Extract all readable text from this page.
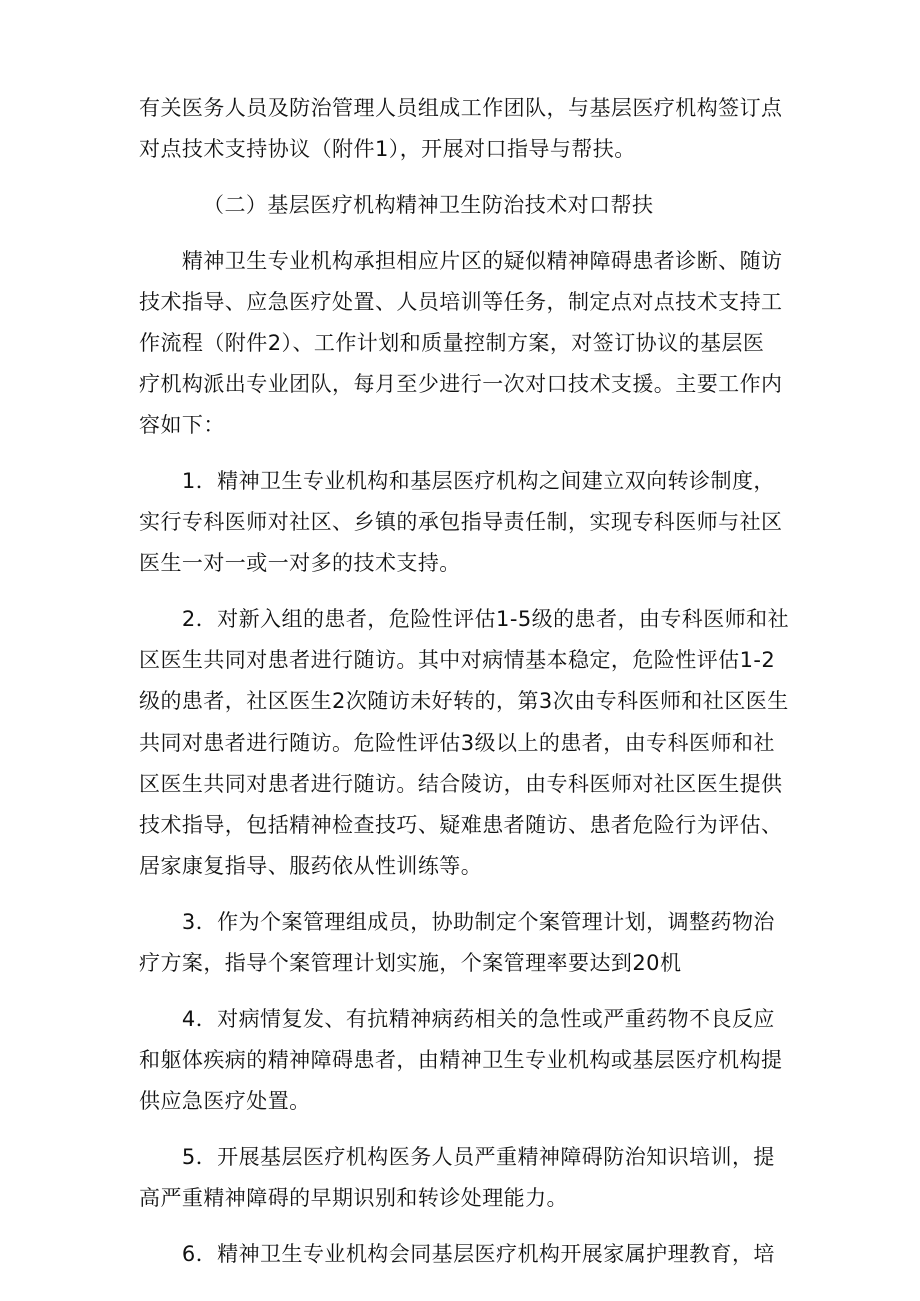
有关医务人员及防治管理人员组成工作团队，与基层医疗机构签订点
对点技术支持协议（附件1），开展对口指导与帮扶。
（二）基层医疗机构精神卫生防治技术对口帮扶
　　精神卫生专业机构承担相应片区的疑似精神障碍患者诊断、随访
技术指导、应急医疗处置、人员培训等任务，制定点对点技术支持工
作流程（附件2）、工作计划和质量控制方案，对签订协议的基层医
疗机构派出专业团队，每月至少进行一次对口技术支援。主要工作内
容如下：
　　1．精神卫生专业机构和基层医疗机构之间建立双向转诊制度，
实行专科医师对社区、乡镇的承包指导责任制，实现专科医师与社区
医生一对一或一对多的技术支持。
　　2．对新入组的患者，危险性评估1-5级的患者，由专科医师和社
区医生共同对患者进行随访。其中对病情基本稳定，危险性评估1-2
级的患者，社区医生2次随访未好转的，第3次由专科医师和社区医生
共同对患者进行随访。危险性评估3级以上的患者，由专科医师和社
区医生共同对患者进行随访。结合陵访，由专科医师对社区医生提供
技术指导，包括精神检查技巧、疑难患者随访、患者危险行为评估、
居家康复指导、服药依从性训练等。
　　3．作为个案管理组成员，协助制定个案管理计划，调整药物治
疗方案，指导个案管理计划实施，个案管理率要达到20机
　　4．对病情复发、有抗精神病药相关的急性或严重药物不良反应
和躯体疾病的精神障碍患者，由精神卫生专业机构或基层医疗机构提
供应急医疗处置。
　　5．开展基层医疗机构医务人员严重精神障碍防治知识培训，提
高严重精神障碍的早期识别和转诊处理能力。
　　6．精神卫生专业机构会同基层医疗机构开展家属护理教育，培
